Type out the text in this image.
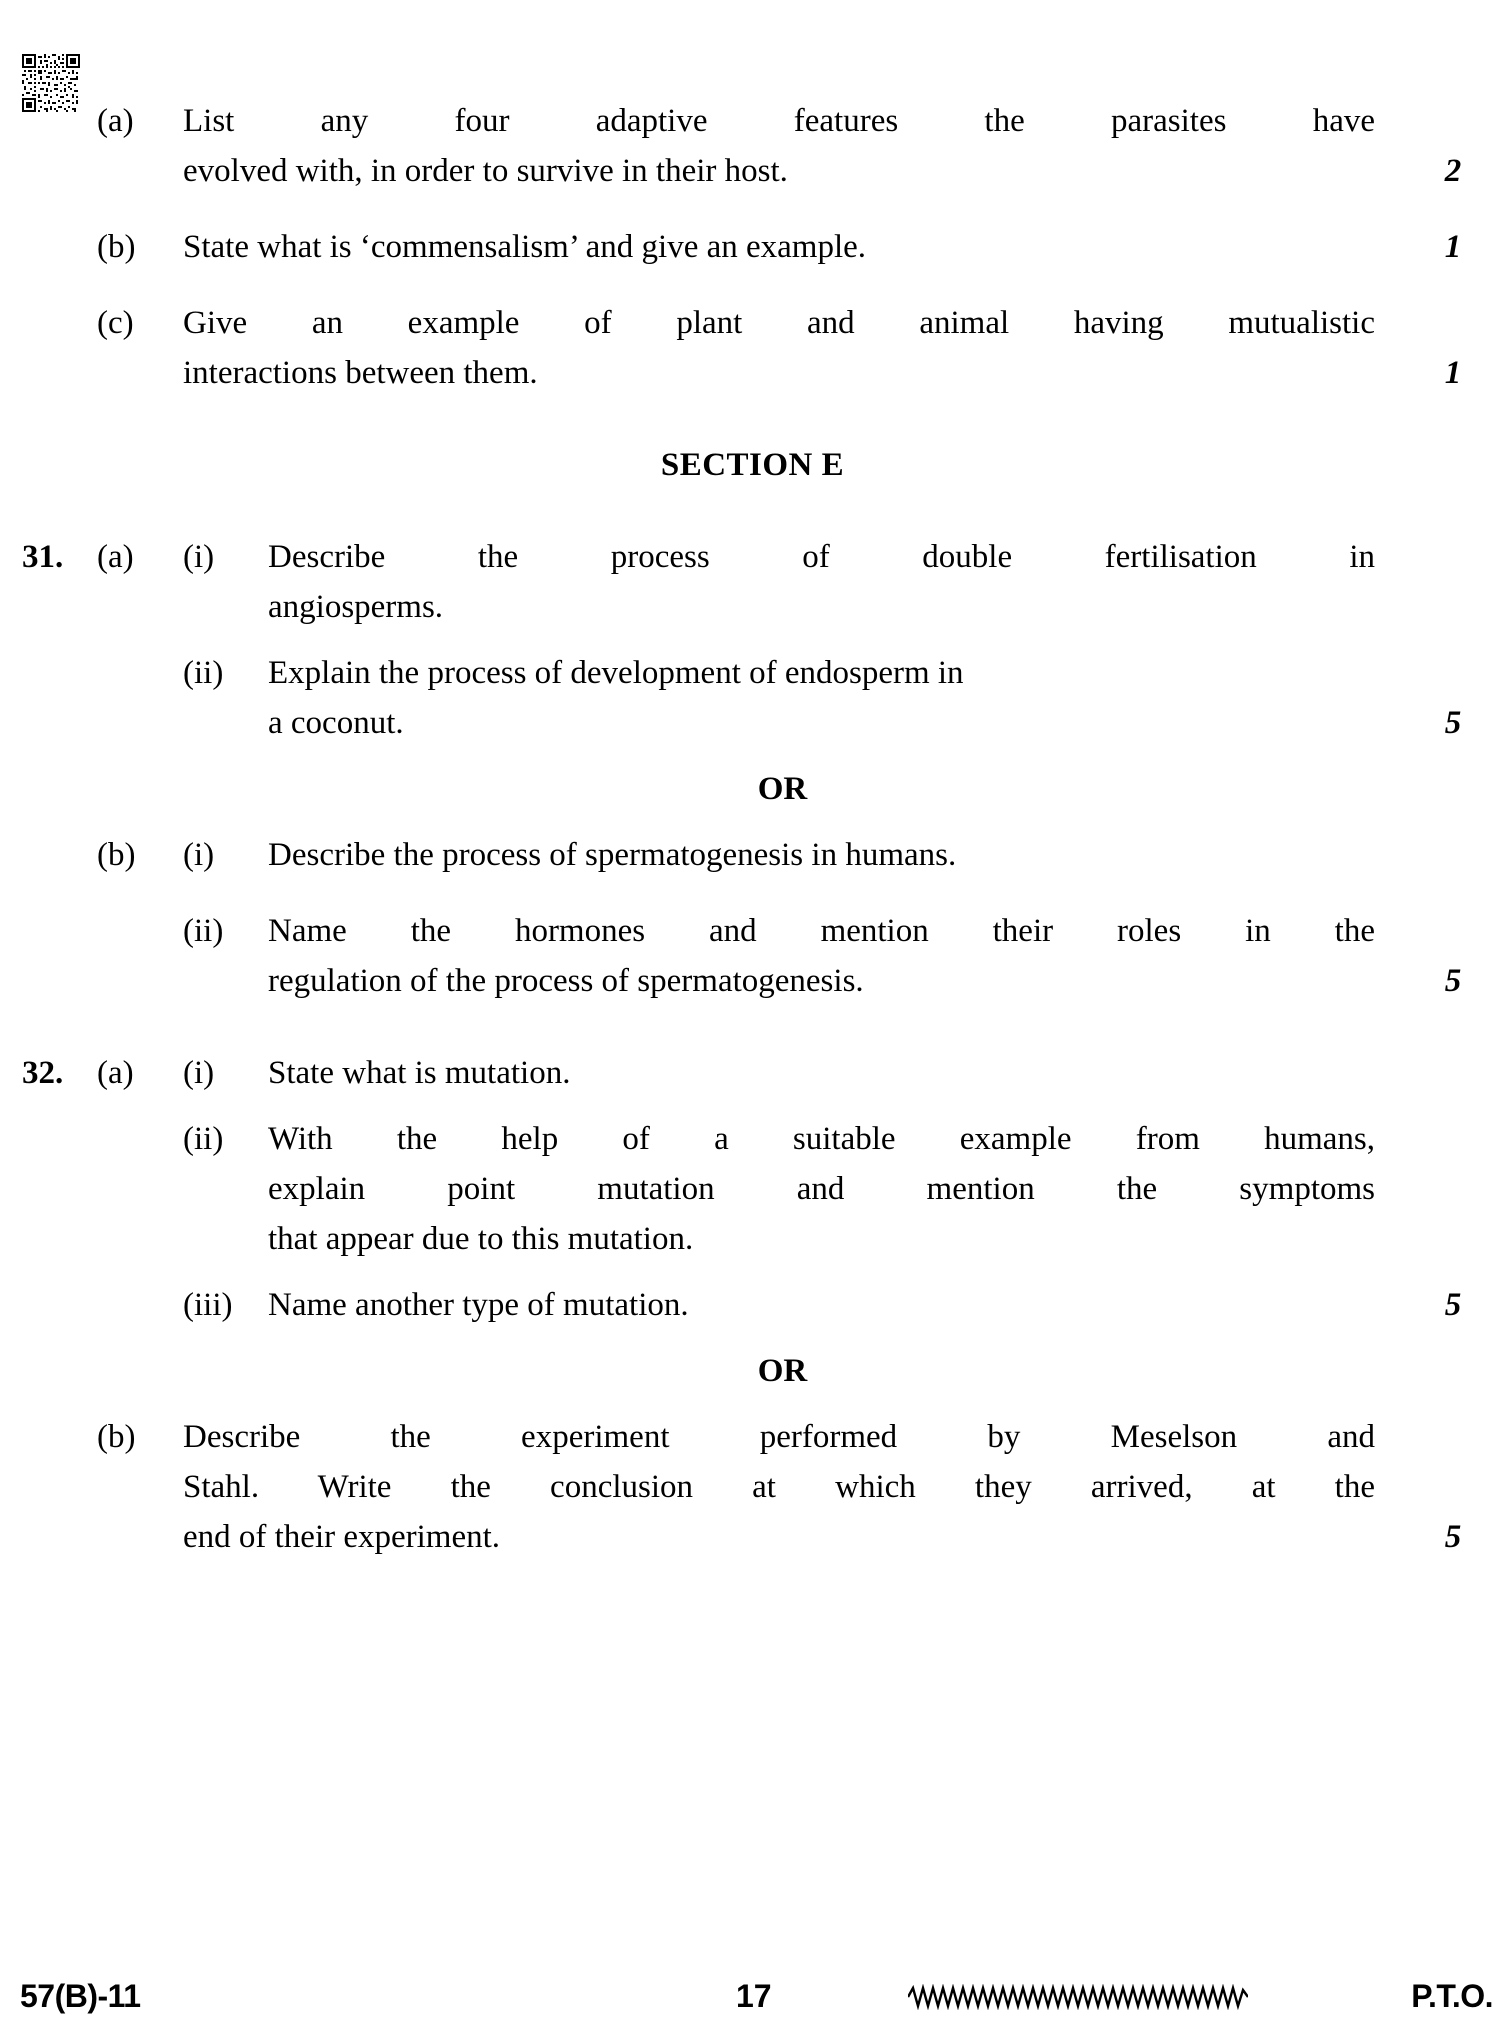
(a)	List any four adaptive features the parasites have
evolved with, in order to survive in their host.	2
(b)	State what is ‘commensalism’ and give an example.	1
(c)	Give an example of plant and animal having mutualistic
interactions between them.	1
SECTION E
31.	(a)	(i)	Describe the process of double fertilisation in
angiosperms.
(ii)	Explain the process of development of endosperm in
a coconut.	5
OR
(b)	(i)	Describe the process of spermatogenesis in humans.
(ii)	Name the hormones and mention their roles in the
regulation of the process of spermatogenesis.	5
32.	(a)	(i)	State what is mutation.
(ii)	With the help of a suitable example from humans,
explain point mutation and mention the symptoms
that appear due to this mutation.
(iii)	Name another type of mutation.	5
OR
(b)	Describe the experiment performed by Meselson and
Stahl. Write the conclusion at which they arrived, at the
end of their experiment.	5
57(B)-11	17	P.T.O.
